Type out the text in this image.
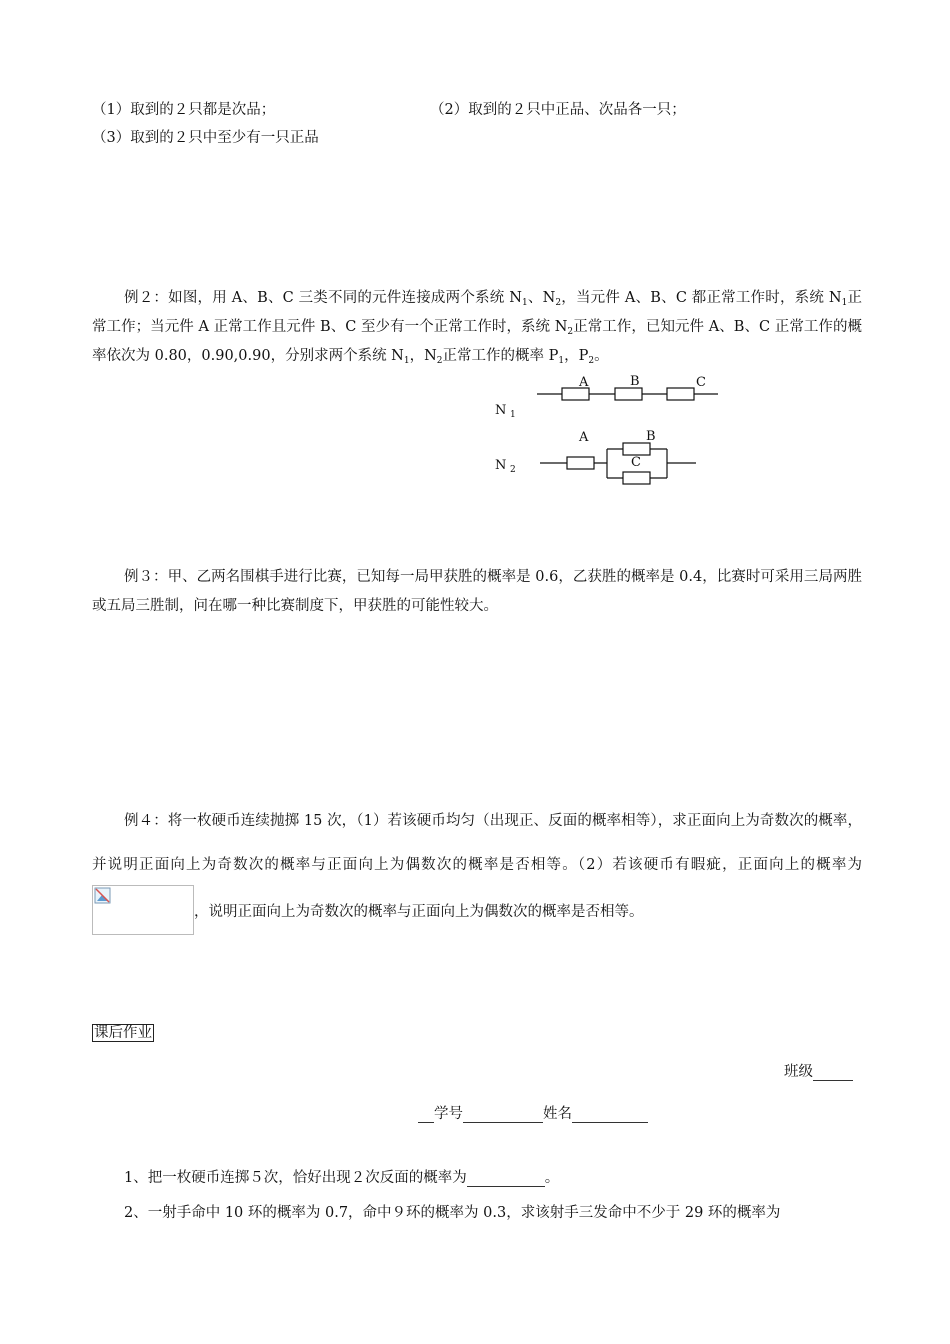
（1）取到的２只都是次品；	（2）取到的２只中正品、次品各一只；
（3）取到的２只中至少有一只正品
例２：如图，用 A、B、C 三类不同的元件连接成两个系统 $N_1$、$N_2$，当元件 A、B、C 都正常工作时，系统 $N_1$正常工作；当元件 A 正常工作且元件 B、C 至少有一个正常工作时，系统 $N_2$正常工作，已知元件 A、B、C 正常工作的概率依次为 0.80，0.90,0.90，分别求两个系统 $N_1$，$N_2$正常工作的概率 $P_1$，$P_2$。
N 1
A	B	C
N 2
A	B
C
例３：甲、乙两名围棋手进行比赛，已知每一局甲获胜的概率是 0.6，乙获胜的概率是 0.4，比赛时可采用三局两胜或五局三胜制，问在哪一种比赛制度下，甲获胜的可能性较大。
例４：将一枚硬币连续抛掷 15 次，（1）若该硬币均匀（出现正、反面的概率相等），求正面向上为奇数次的概率，并说明正面向上为奇数次的概率与正面向上为偶数次的概率是否相等。（2）若该硬币有暇疵，正面向上的概率为
，说明正面向上为奇数次的概率与正面向上为偶数次的概率是否相等。
课后作业
班级
学号	姓名
1、把一枚硬币连掷５次，恰好出现２次反面的概率为	。
2、一射手命中 10 环的概率为 0.7，命中９环的概率为 0.3，求该射手三发命中不少于 29 环的概率为
